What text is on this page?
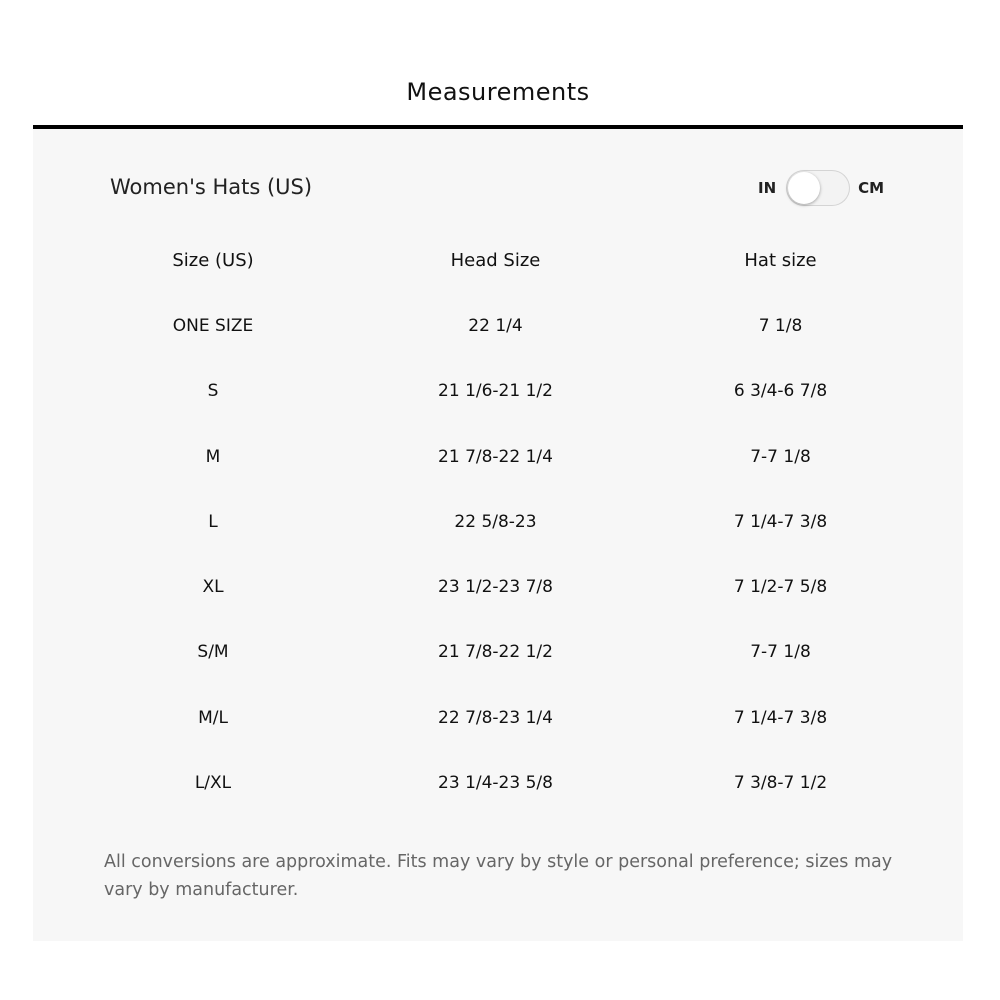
Measurements
Women's Hats (US)	IN	CM
Size (US)	Head Size	Hat size
ONE SIZE	22 1/4	7 1/8
S	21 1/6-21 1/2	6 3/4-6 7/8
M	21 7/8-22 1/4	7-7 1/8
L	22 5/8-23	7 1/4-7 3/8
XL	23 1/2-23 7/8	7 1/2-7 5/8
S/M	21 7/8-22 1/2	7-7 1/8
M/L	22 7/8-23 1/4	7 1/4-7 3/8
L/XL	23 1/4-23 5/8	7 3/8-7 1/2
All conversions are approximate. Fits may vary by style or personal preference; sizes may vary by manufacturer.
